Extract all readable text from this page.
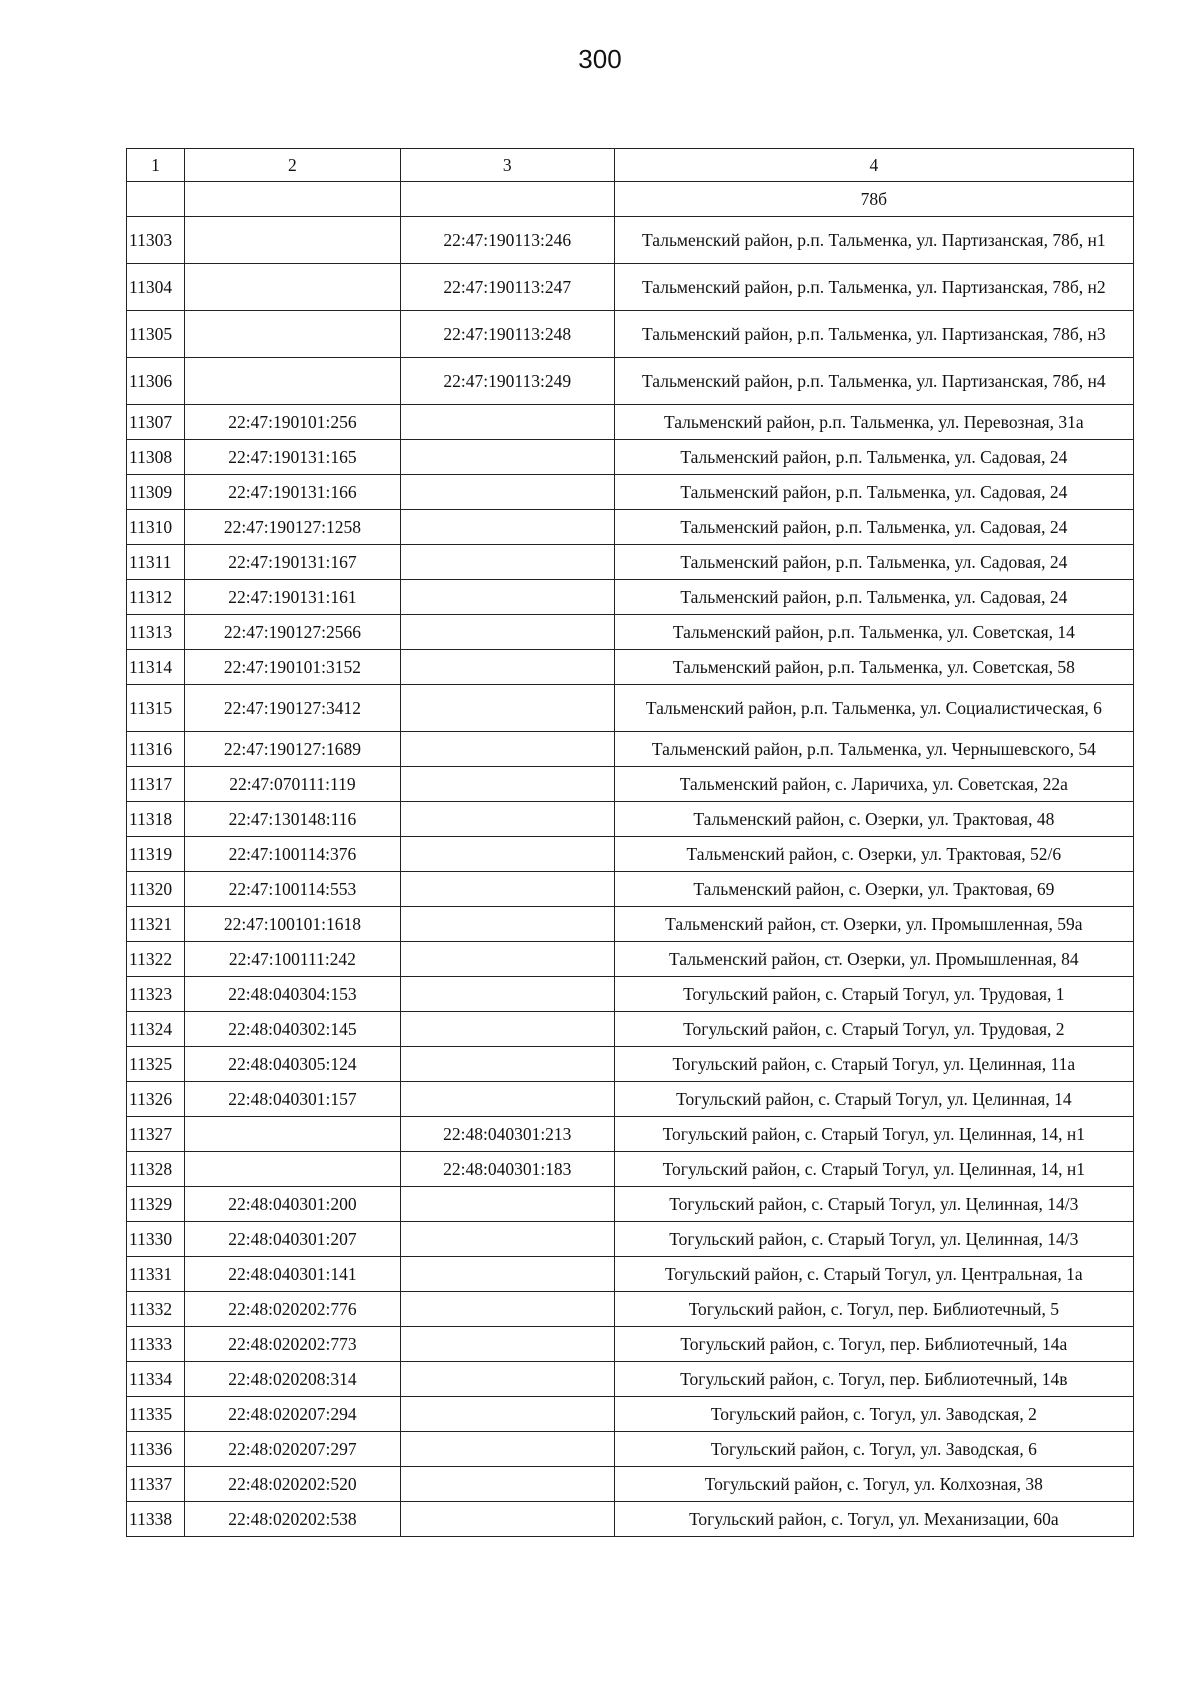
300
1	2	3	4
			78б
11303		22:47:190113:246	Тальменский район, р.п. Тальменка, ул. Партизанская, 78б, н1
11304		22:47:190113:247	Тальменский район, р.п. Тальменка, ул. Партизанская, 78б, н2
11305		22:47:190113:248	Тальменский район, р.п. Тальменка, ул. Партизанская, 78б, н3
11306		22:47:190113:249	Тальменский район, р.п. Тальменка, ул. Партизанская, 78б, н4
11307	22:47:190101:256		Тальменский район, р.п. Тальменка, ул. Перевозная, 31а
11308	22:47:190131:165		Тальменский район, р.п. Тальменка, ул. Садовая, 24
11309	22:47:190131:166		Тальменский район, р.п. Тальменка, ул. Садовая, 24
11310	22:47:190127:1258		Тальменский район, р.п. Тальменка, ул. Садовая, 24
11311	22:47:190131:167		Тальменский район, р.п. Тальменка, ул. Садовая, 24
11312	22:47:190131:161		Тальменский район, р.п. Тальменка, ул. Садовая, 24
11313	22:47:190127:2566		Тальменский район, р.п. Тальменка, ул. Советская, 14
11314	22:47:190101:3152		Тальменский район, р.п. Тальменка, ул. Советская, 58
11315	22:47:190127:3412		Тальменский район, р.п. Тальменка, ул. Социалистическая, 6
11316	22:47:190127:1689		Тальменский район, р.п. Тальменка, ул. Чернышевского, 54
11317	22:47:070111:119		Тальменский район, с. Ларичиха, ул. Советская, 22а
11318	22:47:130148:116		Тальменский район, с. Озерки, ул. Трактовая, 48
11319	22:47:100114:376		Тальменский район, с. Озерки, ул. Трактовая, 52/6
11320	22:47:100114:553		Тальменский район, с. Озерки, ул. Трактовая, 69
11321	22:47:100101:1618		Тальменский район, ст. Озерки, ул. Промышленная, 59а
11322	22:47:100111:242		Тальменский район, ст. Озерки, ул. Промышленная, 84
11323	22:48:040304:153		Тогульский район, с. Старый Тогул, ул. Трудовая, 1
11324	22:48:040302:145		Тогульский район, с. Старый Тогул, ул. Трудовая, 2
11325	22:48:040305:124		Тогульский район, с. Старый Тогул, ул. Целинная, 11а
11326	22:48:040301:157		Тогульский район, с. Старый Тогул, ул. Целинная, 14
11327		22:48:040301:213	Тогульский район, с. Старый Тогул, ул. Целинная, 14, н1
11328		22:48:040301:183	Тогульский район, с. Старый Тогул, ул. Целинная, 14, н1
11329	22:48:040301:200		Тогульский район, с. Старый Тогул, ул. Целинная, 14/3
11330	22:48:040301:207		Тогульский район, с. Старый Тогул, ул. Целинная, 14/3
11331	22:48:040301:141		Тогульский район, с. Старый Тогул, ул. Центральная, 1а
11332	22:48:020202:776		Тогульский район, с. Тогул, пер. Библиотечный, 5
11333	22:48:020202:773		Тогульский район, с. Тогул, пер. Библиотечный, 14а
11334	22:48:020208:314		Тогульский район, с. Тогул, пер. Библиотечный, 14в
11335	22:48:020207:294		Тогульский район, с. Тогул, ул. Заводская, 2
11336	22:48:020207:297		Тогульский район, с. Тогул, ул. Заводская, 6
11337	22:48:020202:520		Тогульский район, с. Тогул, ул. Колхозная, 38
11338	22:48:020202:538		Тогульский район, с. Тогул, ул. Механизации, 60а
